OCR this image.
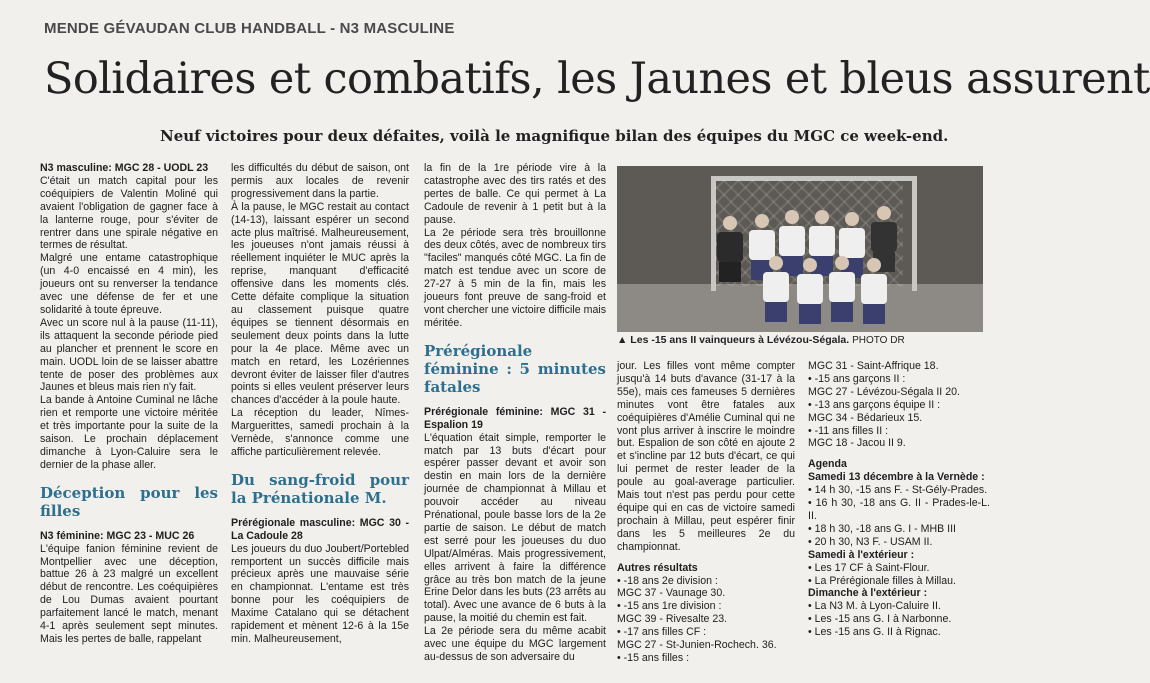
MENDE GÉVAUDAN CLUB HANDBALL - N3 MASCULINE
Solidaires et combatifs, les Jaunes et bleus assurent
Neuf victoires pour deux défaites, voilà le magnifique bilan des équipes du MGC ce week-end.

N3 masculine: MGC 28 - UODL 23

C'était un match capital pour les coéquipiers de Valentin Moliné qui avaient l'obligation de gagner face à la lanterne rouge, pour s'éviter de rentrer dans une spirale négative en termes de résultat.

Malgré une entame catastrophique (un 4-0 encaissé en 4 min), les joueurs ont su renverser la tendance avec une défense de fer et une solidarité à toute épreuve.

Avec un score nul à la pause (11-11), ils attaquent la seconde période pied au plancher et prennent le score en main. UODL loin de se laisser abattre tente de poser des problèmes aux Jaunes et bleus mais rien n'y fait.

La bande à Antoine Cuminal ne lâche rien et remporte une victoire méritée et très importante pour la suite de la saison. Le prochain déplacement dimanche à Lyon-Caluire sera le dernier de la phase aller.

Déception pour les filles

N3 féminine: MGC 23 - MUC 26

L'équipe fanion féminine revient de Montpellier avec une déception, battue 26 à 23 malgré un excellent début de rencontre. Les coéquipières de Lou Dumas avaient pourtant parfaitement lancé le match, menant 4-1 après seulement sept minutes. Mais les pertes de balle, rappelant

les difficultés du début de saison, ont permis aux locales de revenir progressivement dans la partie.

À la pause, le MGC restait au contact (14-13), laissant espérer un second acte plus maîtrisé. Malheureusement, les joueuses n'ont jamais réussi à réellement inquiéter le MUC après la reprise, manquant d'efficacité offensive dans les moments clés. Cette défaite complique la situation au classement puisque quatre équipes se tiennent désormais en seulement deux points dans la lutte pour la 4e place. Même avec un match en retard, les Lozériennes devront éviter de laisser filer d'autres points si elles veulent préserver leurs chances d'accéder à la poule haute.

La réception du leader, Nîmes-Marguerittes, samedi prochain à la Vernède, s'annonce comme une affiche particulièrement relevée.

Du sang-froid pour la Prénationale M.

Prérégionale masculine: MGC 30 - La Cadoule 28

Les joueurs du duo Joubert/Portebled remportent un succès difficile mais précieux après une mauvaise série en championnat. L'entame est très bonne pour les coéquipiers de Maxime Catalano qui se détachent rapidement et mènent 12-6 à la 15e min. Malheureusement,

la fin de la 1re période vire à la catastrophe avec des tirs ratés et des pertes de balle. Ce qui permet à La Cadoule de revenir à 1 petit but à la pause.

La 2e période sera très brouillonne des deux côtés, avec de nombreux tirs "faciles" manqués côté MGC. La fin de match est tendue avec un score de 27-27 à 5 min de la fin, mais les joueurs font preuve de sang-froid et vont chercher une victoire difficile mais méritée.

Prérégionale féminine : 5 minutes fatales

Prérégionale féminine: MGC 31 - Espalion 19

L'équation était simple, remporter le match par 13 buts d'écart pour espérer passer devant et avoir son destin en main lors de la dernière journée de championnat à Millau et pouvoir accéder au niveau Prénational, poule basse lors de la 2e partie de saison. Le début de match est serré pour les joueuses du duo Ulpat/Alméras. Mais progressivement, elles arrivent à faire la différence grâce au très bon match de la jeune Erine Delor dans les buts (23 arrêts au total). Avec une avance de 6 buts à la pause, la moitié du chemin est fait.

La 2e période sera du même acabit avec une équipe du MGC largement au-dessus de son adversaire du

▲ Les -15 ans II vainqueurs à Lévézou-Ségala. PHOTO DR

jour. Les filles vont même compter jusqu'à 14 buts d'avance (31-17 à la 55e), mais ces fameuses 5 dernières minutes vont être fatales aux coéquipières d'Amélie Cuminal qui ne vont plus arriver à inscrire le moindre but. Espalion de son côté en ajoute 2 et s'incline par 12 buts d'écart, ce qui lui permet de rester leader de la poule au goal-average particulier. Mais tout n'est pas perdu pour cette équipe qui en cas de victoire samedi prochain à Millau, peut espérer finir dans les 5 meilleures 2e du championnat.

Autres résultats

• -18 ans 2e division :

MGC 37 - Vaunage 30.

• -15 ans 1re division :

MGC 39 - Rivesalte 23.

• -17 ans filles CF :

MGC 27 - St-Junien-Rochech. 36.

• -15 ans filles :

MGC 31 - Saint-Affrique 18.

• -15 ans garçons II :

MGC 27 - Lévézou-Ségala II 20.

• -13 ans garçons équipe II :

MGC 34 - Bédarieux 15.

• -11 ans filles II :

MGC 18 - Jacou II 9.

Agenda

Samedi 13 décembre à la Vernède :

• 14 h 30, -15 ans F. - St-Gély-Prades.

• 16 h 30, -18 ans G. II - Prades-le-L. II.

• 18 h 30, -18 ans G. I - MHB III

• 20 h 30, N3 F. - USAM II.

Samedi à l'extérieur :

• Les 17 CF à Saint-Flour.

• La Prérégionale filles à Millau.

Dimanche à l'extérieur :

• La N3 M. à Lyon-Caluire II.

• Les -15 ans G. I à Narbonne.

• Les -15 ans G. II à Rignac.
